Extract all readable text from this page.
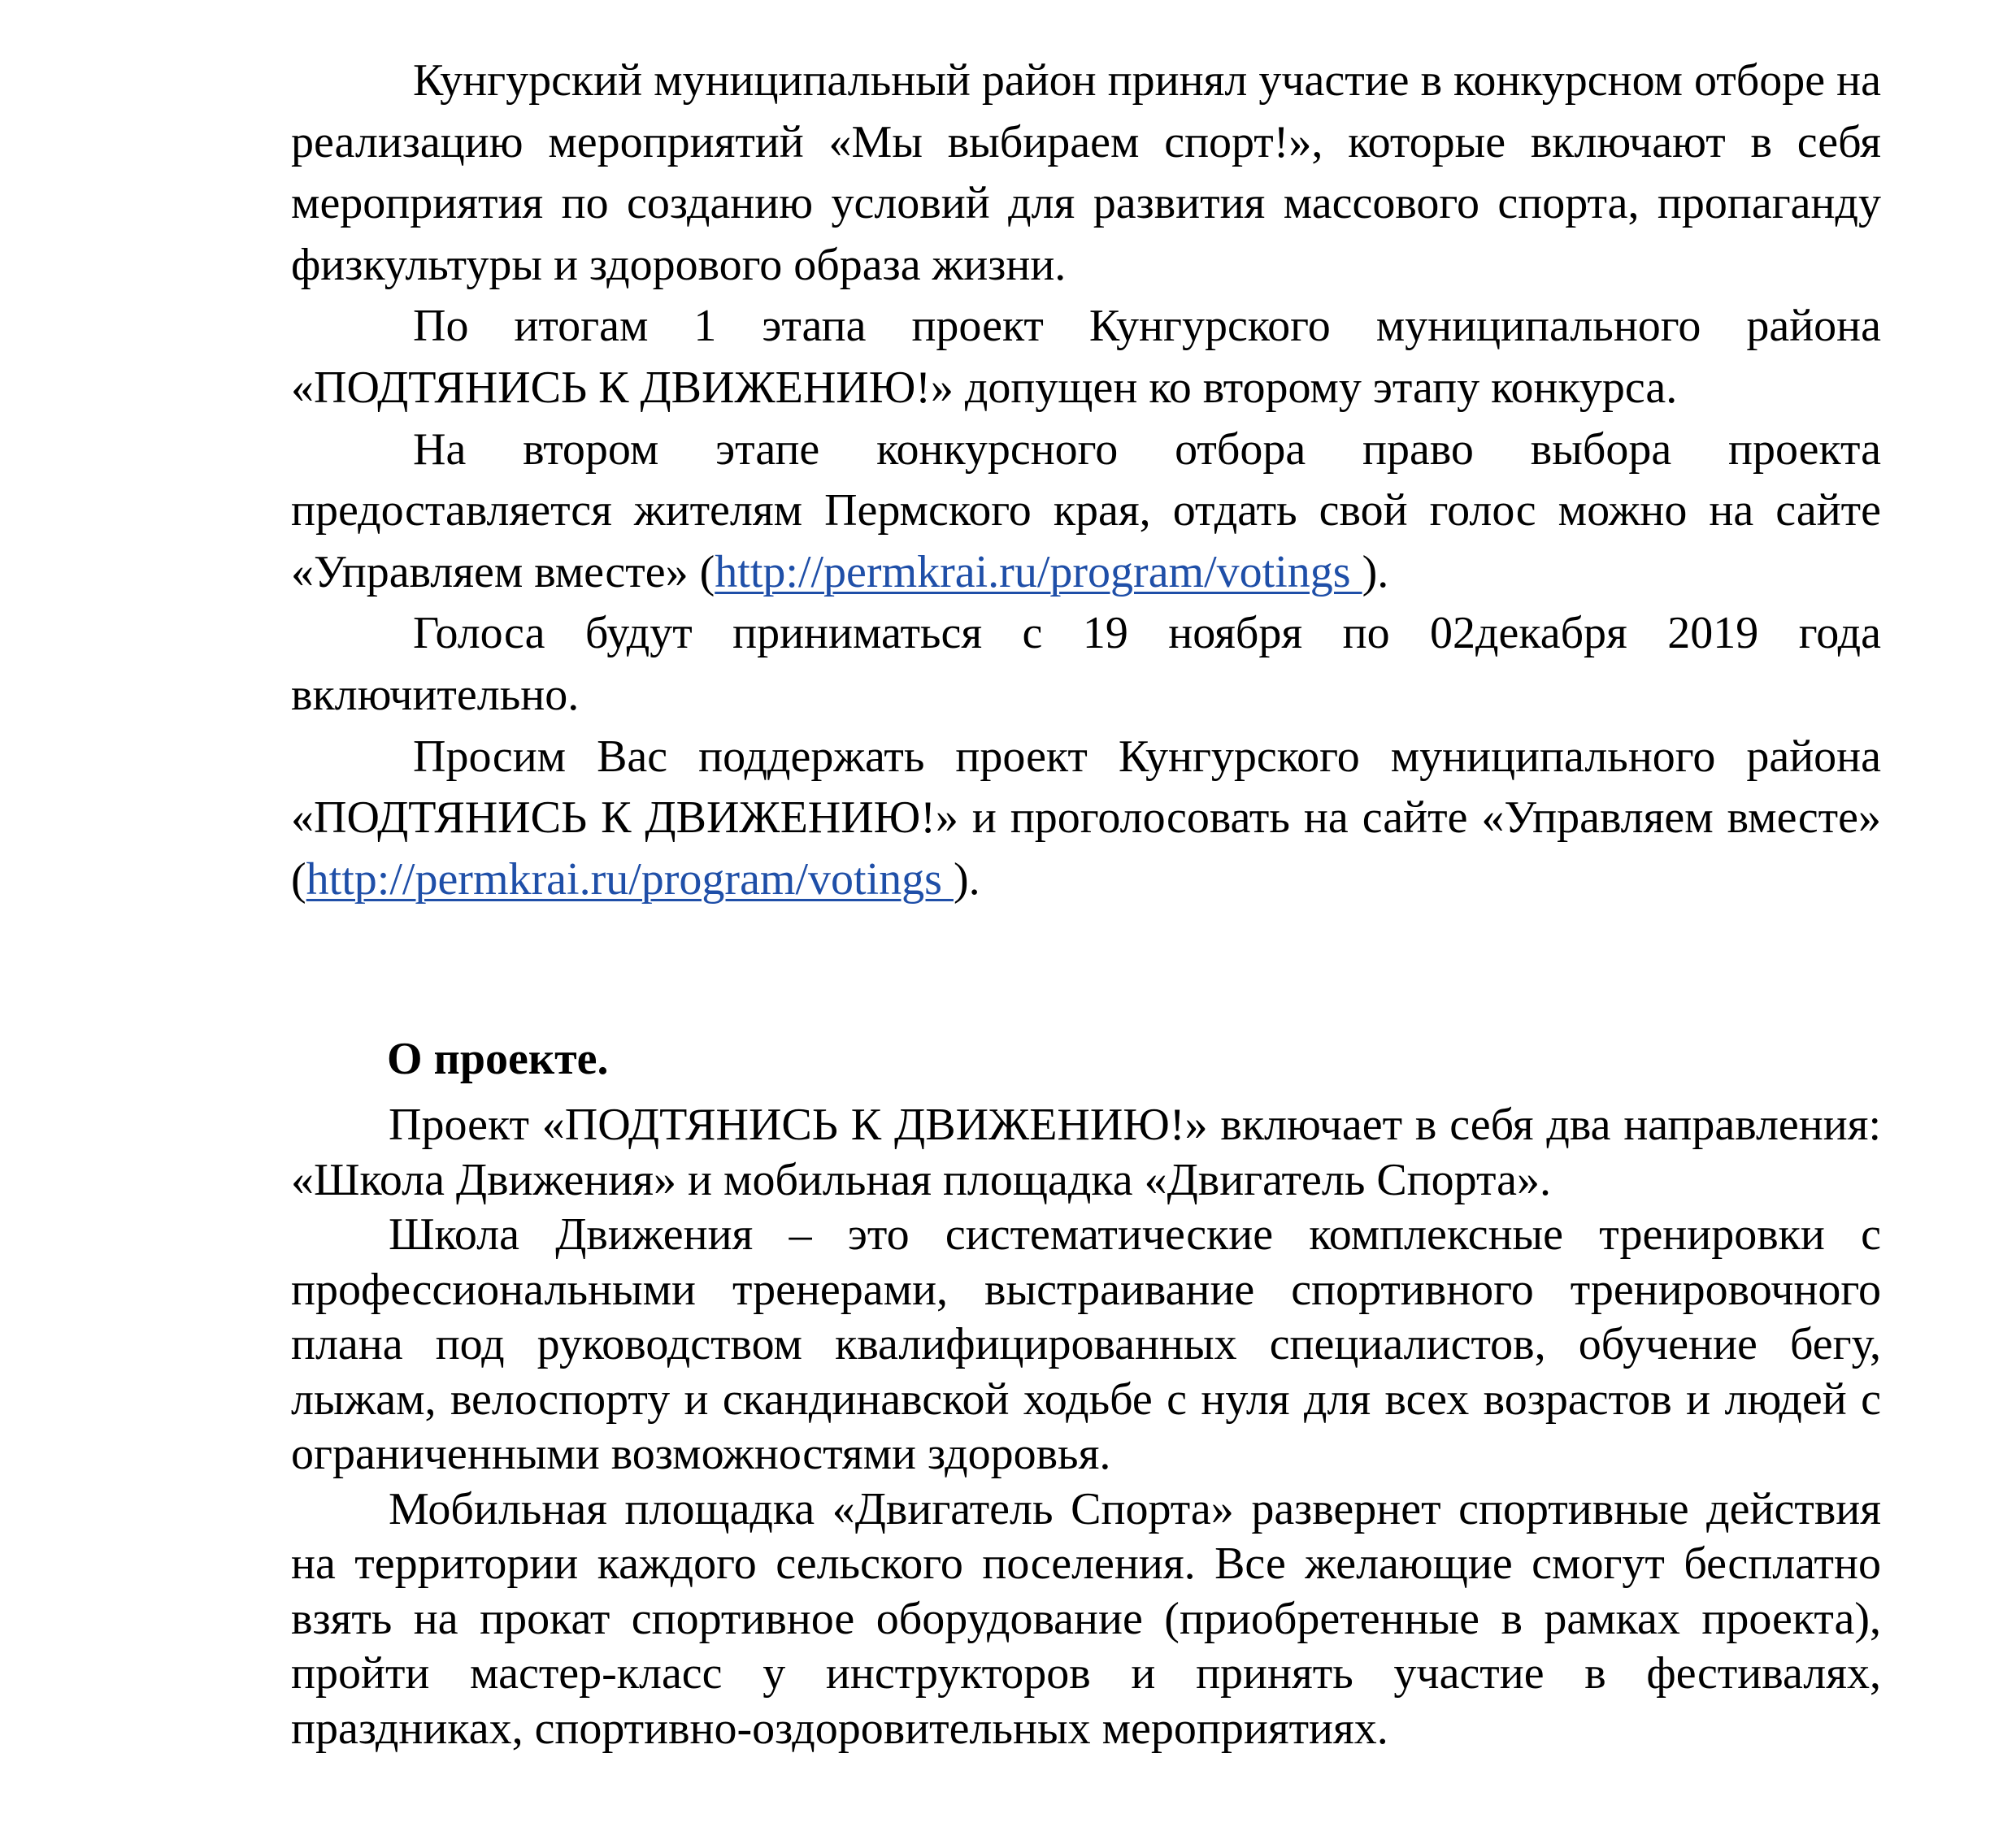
Кунгурский муниципальный район принял участие в конкурсном отборе на реализацию мероприятий «Мы выбираем спорт!», которые включают в себя мероприятия по созданию условий для развития массового спорта, пропаганду физкультуры и здорового образа жизни.

По итогам 1 этапа проект Кунгурского муниципального района «ПОДТЯНИСЬ К ДВИЖЕНИЮ!» допущен ко второму этапу конкурса.

На втором этапе конкурсного отбора право выбора проекта предоставляется жителям Пермского края, отдать свой голос можно на сайте «Управляем вместе» (http://permkrai.ru/program/votings ).

Голоса будут приниматься с 19 ноября по 02декабря 2019 года включительно.

Просим Вас поддержать проект Кунгурского муниципального района «ПОДТЯНИСЬ К ДВИЖЕНИЮ!» и проголосовать на сайте «Управляем вместе» (http://permkrai.ru/program/votings ).

О проекте.

Проект «ПОДТЯНИСЬ К ДВИЖЕНИЮ!» включает в себя два направления: «Школа Движения» и мобильная площадка «Двигатель Спорта».

Школа Движения – это систематические комплексные тренировки с профессиональными тренерами, выстраивание спортивного тренировочного плана под руководством квалифицированных специалистов, обучение бегу, лыжам, велоспорту и скандинавской ходьбе с нуля для всех возрастов и людей с ограниченными возможностями здоровья.

Мобильная площадка «Двигатель Спорта» развернет спортивные действия на территории каждого сельского поселения. Все желающие смогут бесплатно взять на прокат спортивное оборудование (приобретенные в рамках проекта), пройти мастер-класс у инструкторов и принять участие в фестивалях, праздниках, спортивно-оздоровительных мероприятиях.
